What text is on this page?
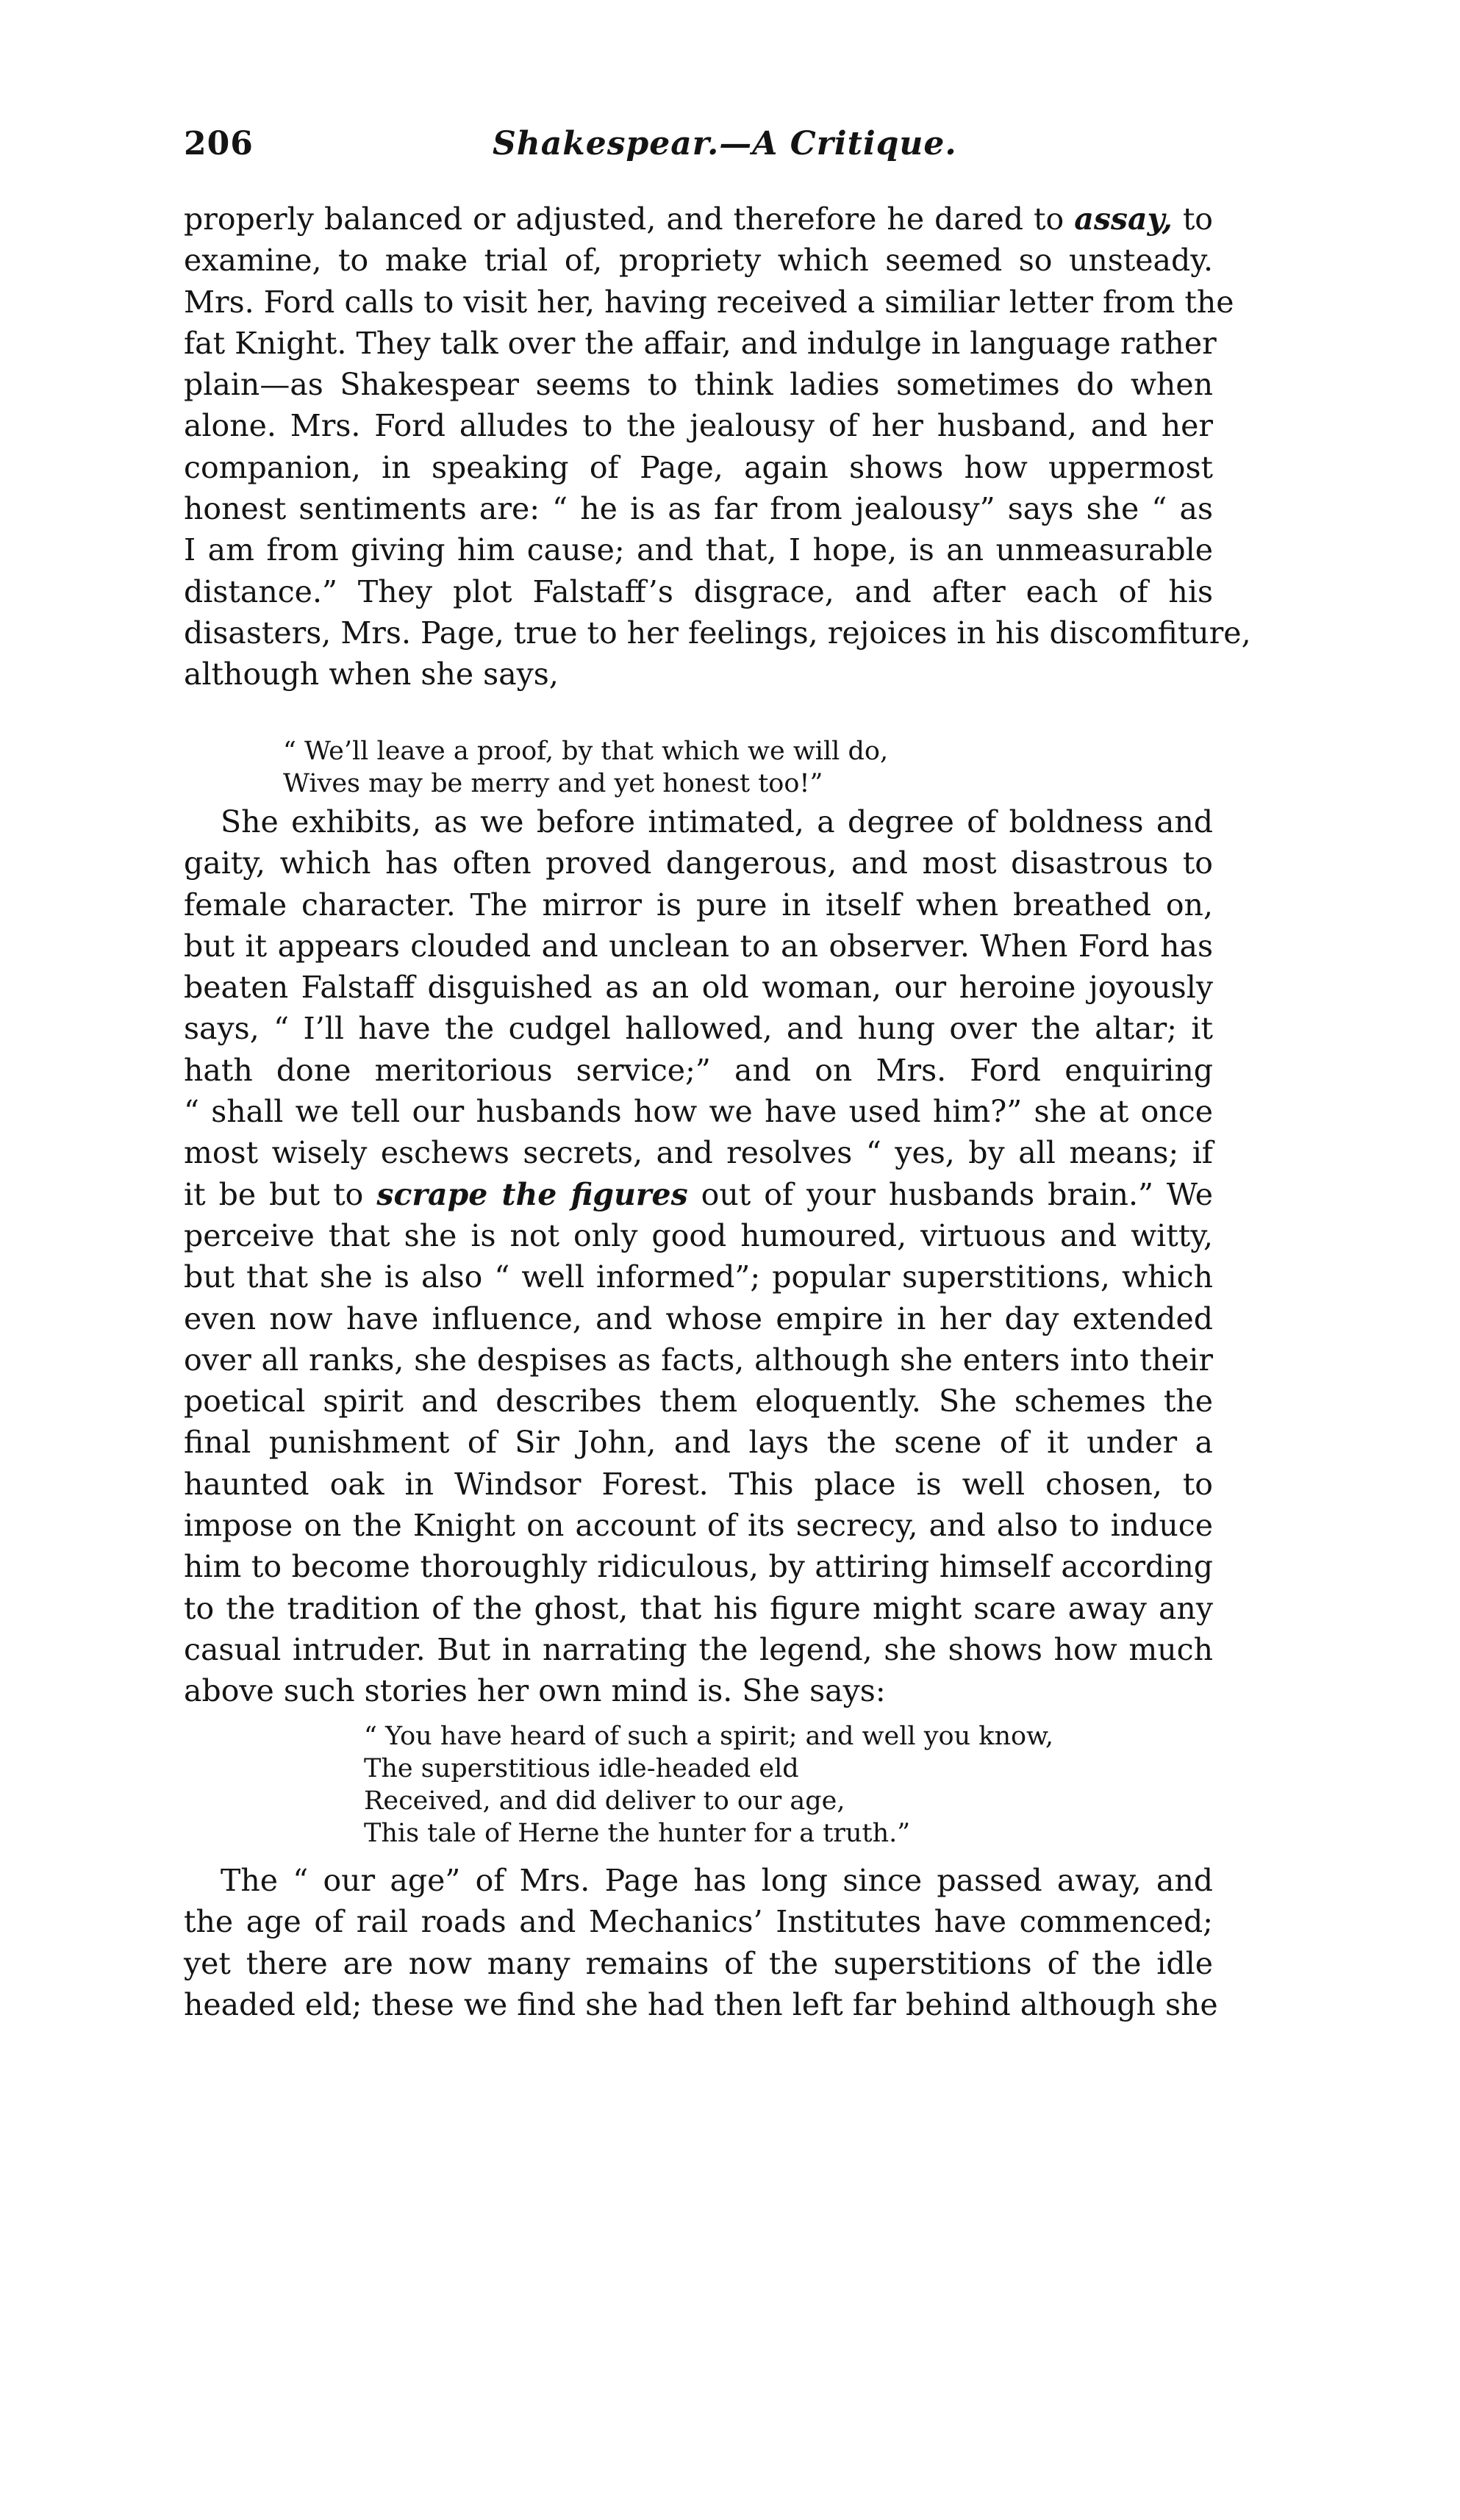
206	Shakespear.—A Critique.
properly balanced or adjusted, and therefore he dared to assay, to
examine, to make trial of, propriety which seemed so unsteady.
Mrs. Ford calls to visit her, having received a similiar letter from the
fat Knight. They talk over the affair, and indulge in language rather
plain—as Shakespear seems to think ladies sometimes do when
alone. Mrs. Ford alludes to the jealousy of her husband, and her
companion, in speaking of Page, again shows how uppermost
honest sentiments are: “ he is as far from jealousy” says she “ as
I am from giving him cause; and that, I hope, is an unmeasurable
distance.” They plot Falstaff’s disgrace, and after each of his
disasters, Mrs. Page, true to her feelings, rejoices in his discomfiture,
although when she says,
“ We’ll leave a proof, by that which we will do,
Wives may be merry and yet honest too!”
She exhibits, as we before intimated, a degree of boldness and
gaity, which has often proved dangerous, and most disastrous to
female character. The mirror is pure in itself when breathed on,
but it appears clouded and unclean to an observer. When Ford has
beaten Falstaff disguished as an old woman, our heroine joyously
says, “ I’ll have the cudgel hallowed, and hung over the altar; it
hath done meritorious service;” and on Mrs. Ford enquiring
“ shall we tell our husbands how we have used him?” she at once
most wisely eschews secrets, and resolves “ yes, by all means; if
it be but to scrape the figures out of your husbands brain.” We
perceive that she is not only good humoured, virtuous and witty,
but that she is also “ well informed”; popular superstitions, which
even now have influence, and whose empire in her day extended
over all ranks, she despises as facts, although she enters into their
poetical spirit and describes them eloquently. She schemes the
final punishment of Sir John, and lays the scene of it under a
haunted oak in Windsor Forest. This place is well chosen, to
impose on the Knight on account of its secrecy, and also to induce
him to become thoroughly ridiculous, by attiring himself according
to the tradition of the ghost, that his figure might scare away any
casual intruder. But in narrating the legend, she shows how much
above such stories her own mind is. She says:
“ You have heard of such a spirit; and well you know,
The superstitious idle-headed eld
Received, and did deliver to our age,
This tale of Herne the hunter for a truth.”
The “ our age” of Mrs. Page has long since passed away, and
the age of rail roads and Mechanics’ Institutes have commenced;
yet there are now many remains of the superstitions of the idle
headed eld; these we find she had then left far behind although she
